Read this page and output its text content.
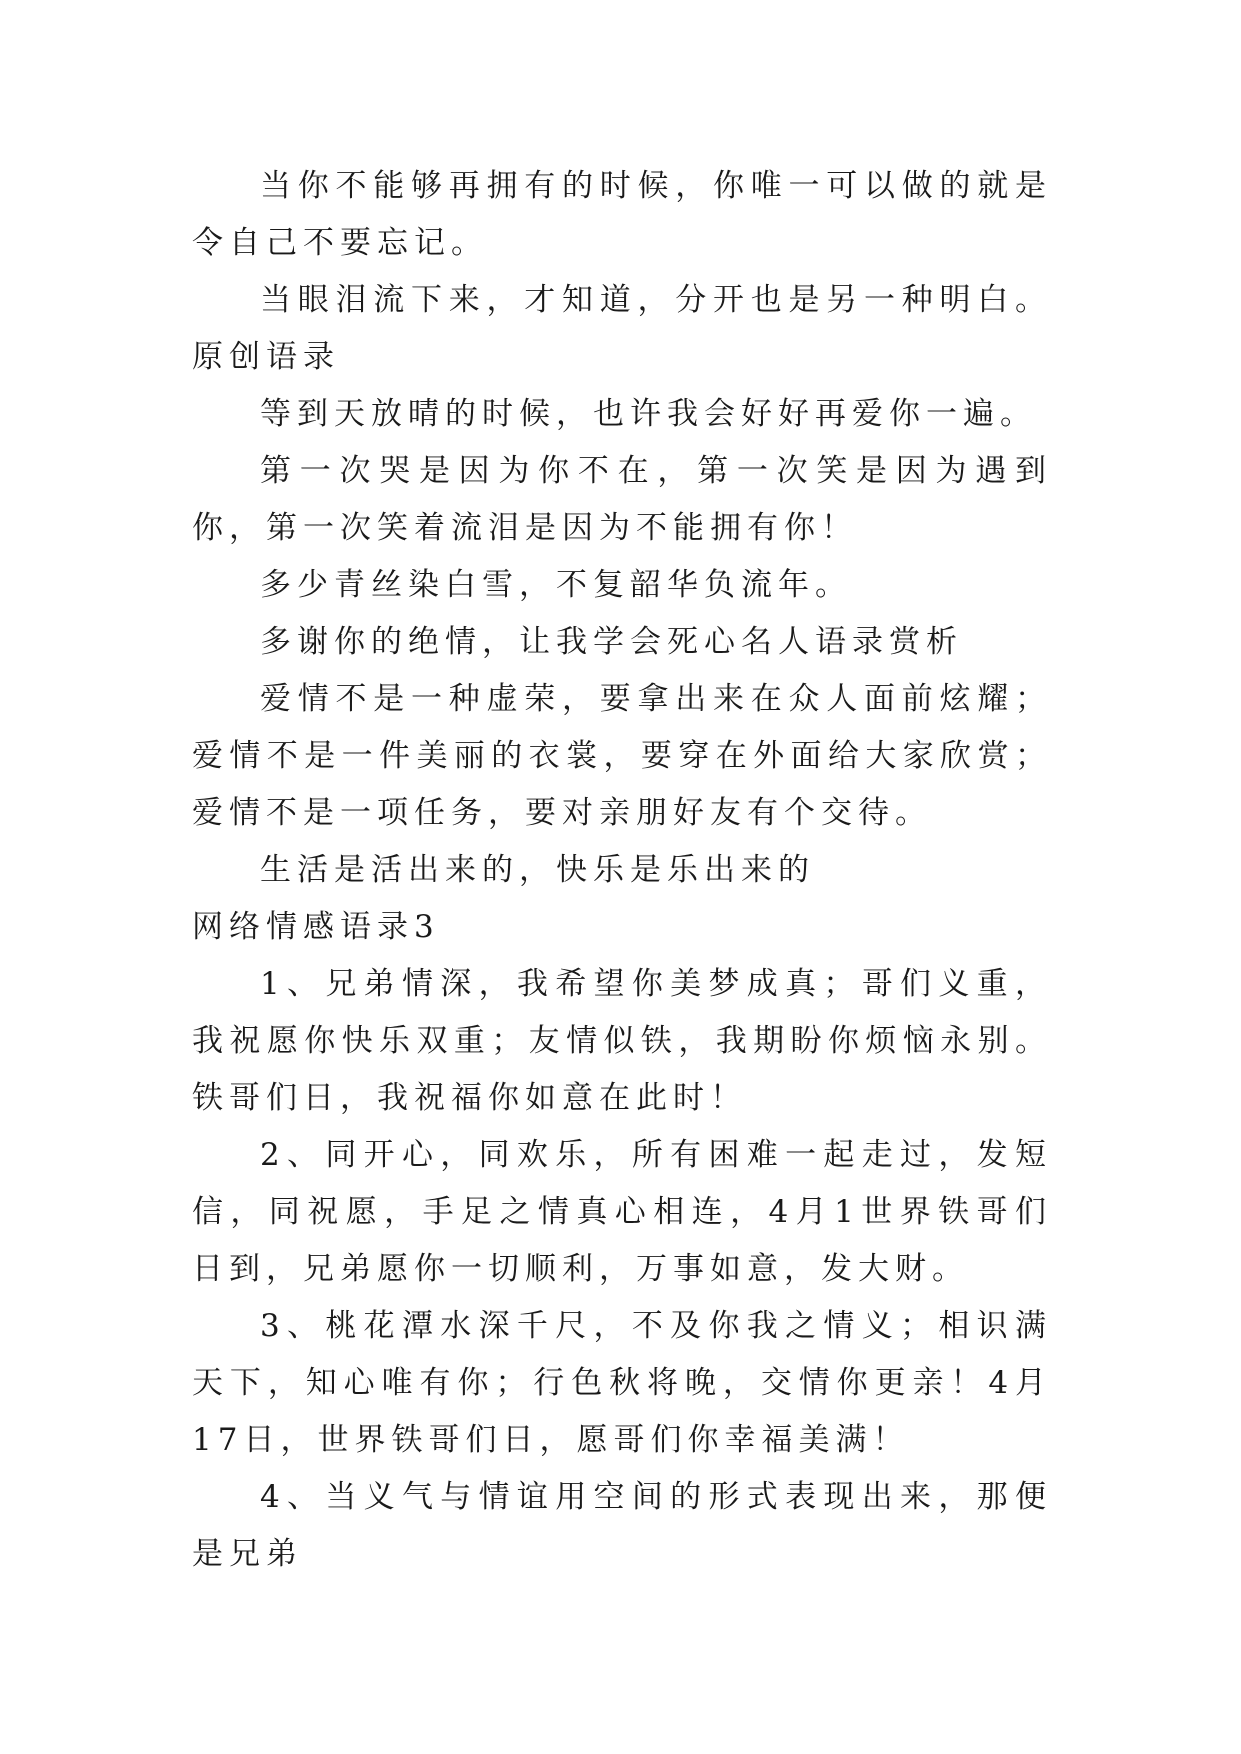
当你不能够再拥有的时候，你唯一可以做的就是令自己不要忘记。

当眼泪流下来，才知道，分开也是另一种明白。原创语录

等到天放晴的时候，也许我会好好再爱你一遍。

第一次哭是因为你不在，第一次笑是因为遇到你，第一次笑着流泪是因为不能拥有你！

多少青丝染白雪，不复韶华负流年。

多谢你的绝情，让我学会死心名人语录赏析

爱情不是一种虚荣，要拿出来在众人面前炫耀；爱情不是一件美丽的衣裳，要穿在外面给大家欣赏；爱情不是一项任务，要对亲朋好友有个交待。

生活是活出来的，快乐是乐出来的

网络情感语录3

1、兄弟情深，我希望你美梦成真；哥们义重，我祝愿你快乐双重；友情似铁，我期盼你烦恼永别。铁哥们日，我祝福你如意在此时！

2、同开心，同欢乐，所有困难一起走过，发短信，同祝愿，手足之情真心相连，4月1世界铁哥们日到，兄弟愿你一切顺利，万事如意，发大财。

3、桃花潭水深千尺，不及你我之情义；相识满天下，知心唯有你；行色秋将晚，交情你更亲！4月17日，世界铁哥们日，愿哥们你幸福美满！

4、当义气与情谊用空间的形式表现出来，那便是兄弟
